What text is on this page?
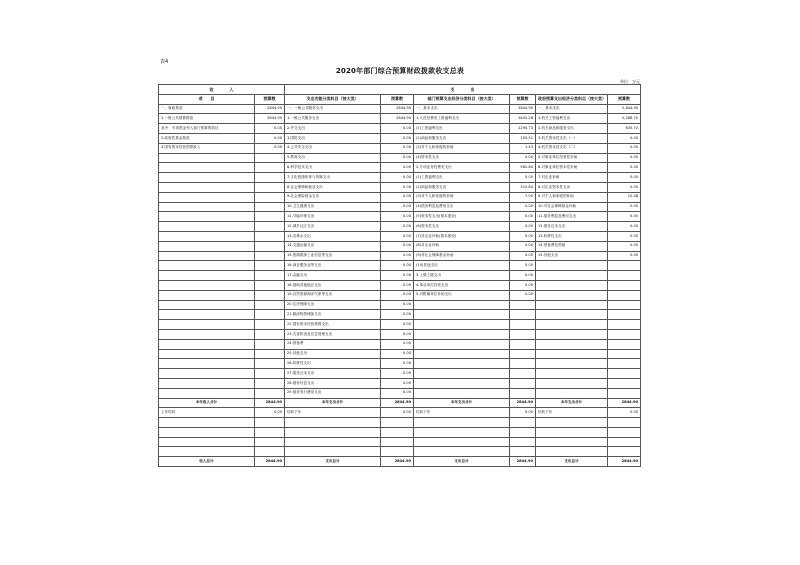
表4
2020年部门综合预算财政拨款收支总表
单位：万元
收　　　　入		支　　　　出					
项　　目	预算数	支出功能分类科目（按大类）	预算数	部门预算支出经济分类科目（按大类）	预算数	政府预算支出经济分类科目（按大类）	预算数
一、财政拨款	2844.90	一、一般公共服务支出	2844.90	一、基本支出	2844.90	一、基本支出	2,844.90
1.一般公共预算拨款	2844.90	1.一般公共服务支出	2844.90	1.人员经费类工资福利支出	2642.28	1.机关工资福利支出	2,288.70
其中：专项资金列入部门预算的项目	0.00	2.外交支出	0.00	(1)工资福利支出	2290.73	2.机关商品和服务支出	635.72
2.政府性基金拨款	0.00	3.国防支出	0.00	(2)商品和服务支出	150.51	3.机关资本性支出（一）	0.00
3.国有资本经营预算收入	0.00	4.公共安全支出	0.00	(3)对个人和家庭的补助	1.43	4.机关资本性支出（二）	0.00
		5.教育支出	0.00	(4)资本性支出	0.00	5.对事业单位经常性补助	0.00
		6.科学技术支出	0.00	2.专项业务经费类支出	582.84	6.对事业单位资本性补助	0.00
		7.文化旅游体育与传媒支出	0.00	(1)工资福利支出	0.00	7.对企业补助	0.00
		8.社会保障和就业支出	0.00	(2)商品和服务支出	515.84	8.对企业资本性支出	0.00
		9.社会保险基金支出	0.00	(3)对个人和家庭的补助	7.00	9.对个人和家庭的补助	10.48
		10.卫生健康支出	0.00	(4)债务利息及费用支出	0.00	10.对社会保障基金补助	0.00
		11.节能环保支出	0.00	(5)资本性支出(基本建设)	0.00	11.债务利息及费用支出	0.00
		12.城乡社区支出	0.00	(6)资本性支出	0.00	12.债务还本支出	0.00
		13.农林水支出	0.00	(7)对企业补助(基本建设)	0.00	13.转移性支出	0.00
		14.交通运输支出	0.00	(8)对企业补助	0.00	14.预备费及预留	0.00
		15.资源勘探工业信息等支出	0.00	(9)对社会保障基金补助	0.00	15.其他支出	0.00
		16.商业服务业等支出	0.00	(10)其他支出	0.00		
		17.金融支出	0.00	3.上缴上级支出	0.00		
		18.援助其他地区支出	0.00	4.事业单位经营支出	0.00		
		19.自然资源海洋气象等支出	0.00	5.对附属单位补助支出	0.00		
		20.住房保障支出	0.00				
		21.粮油物资储备支出	0.00				
		22.国有资本经营预算支出	0.00				
		23.灾害防治及应急管理支出	0.00				
		24.预备费	0.00				
		25.其他支出	0.00				
		26.转移性支出	0.00				
		27.债务还本支出	0.00				
		28.债务付息支出	0.00				
		29.债务发行费用支出	0.00				
本年收入合计	2844.90	本年支出合计	2844.90	本年支出合计	2844.90	本年支出合计	2844.90
上年结转	0.00	结转下年	0.00	结转下年	0.00	结转下年	0.00

收入总计	2844.90	支出总计	2844.90	支出总计	2844.90	支出总计	2844.90
